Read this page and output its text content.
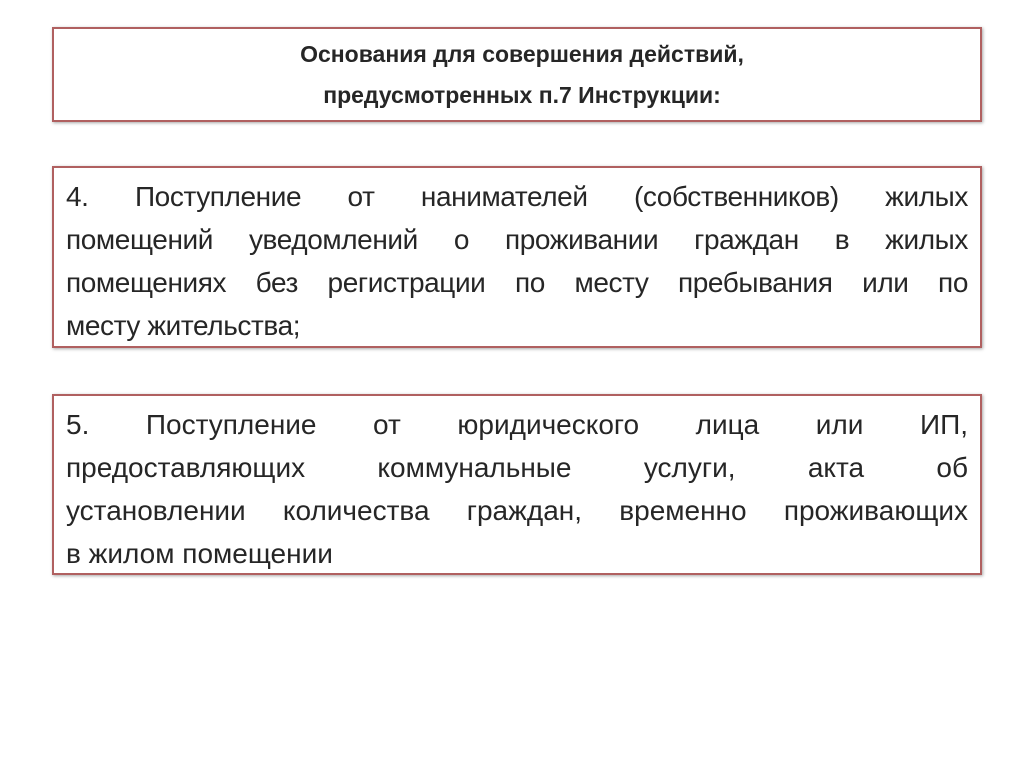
Основания для совершения действий,
предусмотренных п.7 Инструкции:

4. Поступление от нанимателей (собственников) жилых
помещений уведомлений о проживании граждан в жилых
помещениях без регистрации по месту пребывания или по
месту жительства;

5. Поступление от юридического лица или ИП,
предоставляющих коммунальные услуги, акта об
установлении количества граждан, временно проживающих
в жилом помещении
